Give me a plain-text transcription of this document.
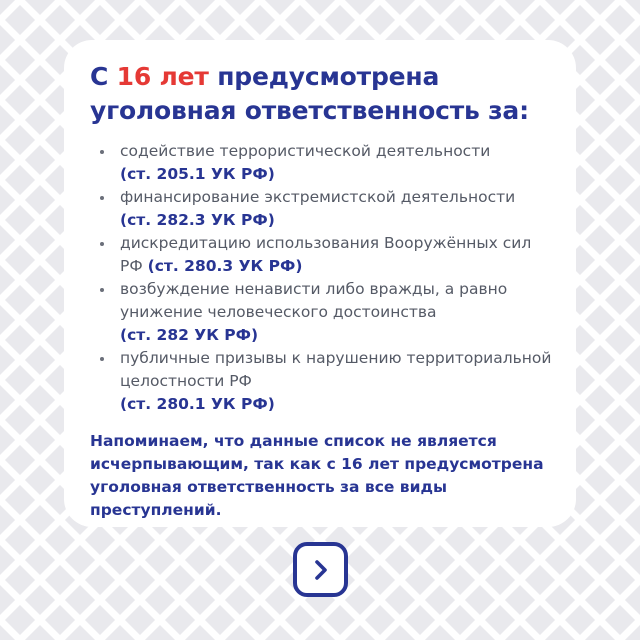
С 16 лет предусмотрена уголовная ответственность за:
содействие террористической деятельности
(ст. 205.1 УК РФ)
финансирование экстремистской деятельности
(ст. 282.3 УК РФ)
дискредитацию использования Вооружённых сил РФ (ст. 280.3 УК РФ)
возбуждение ненависти либо вражды, а равно унижение человеческого достоинства
(ст. 282 УК РФ)
публичные призывы к нарушению территориальной целостности РФ
(ст. 280.1 УК РФ)

Напоминаем, что данные список не является исчерпывающим, так как с 16 лет предусмотрена уголовная ответственность за все виды преступлений.
